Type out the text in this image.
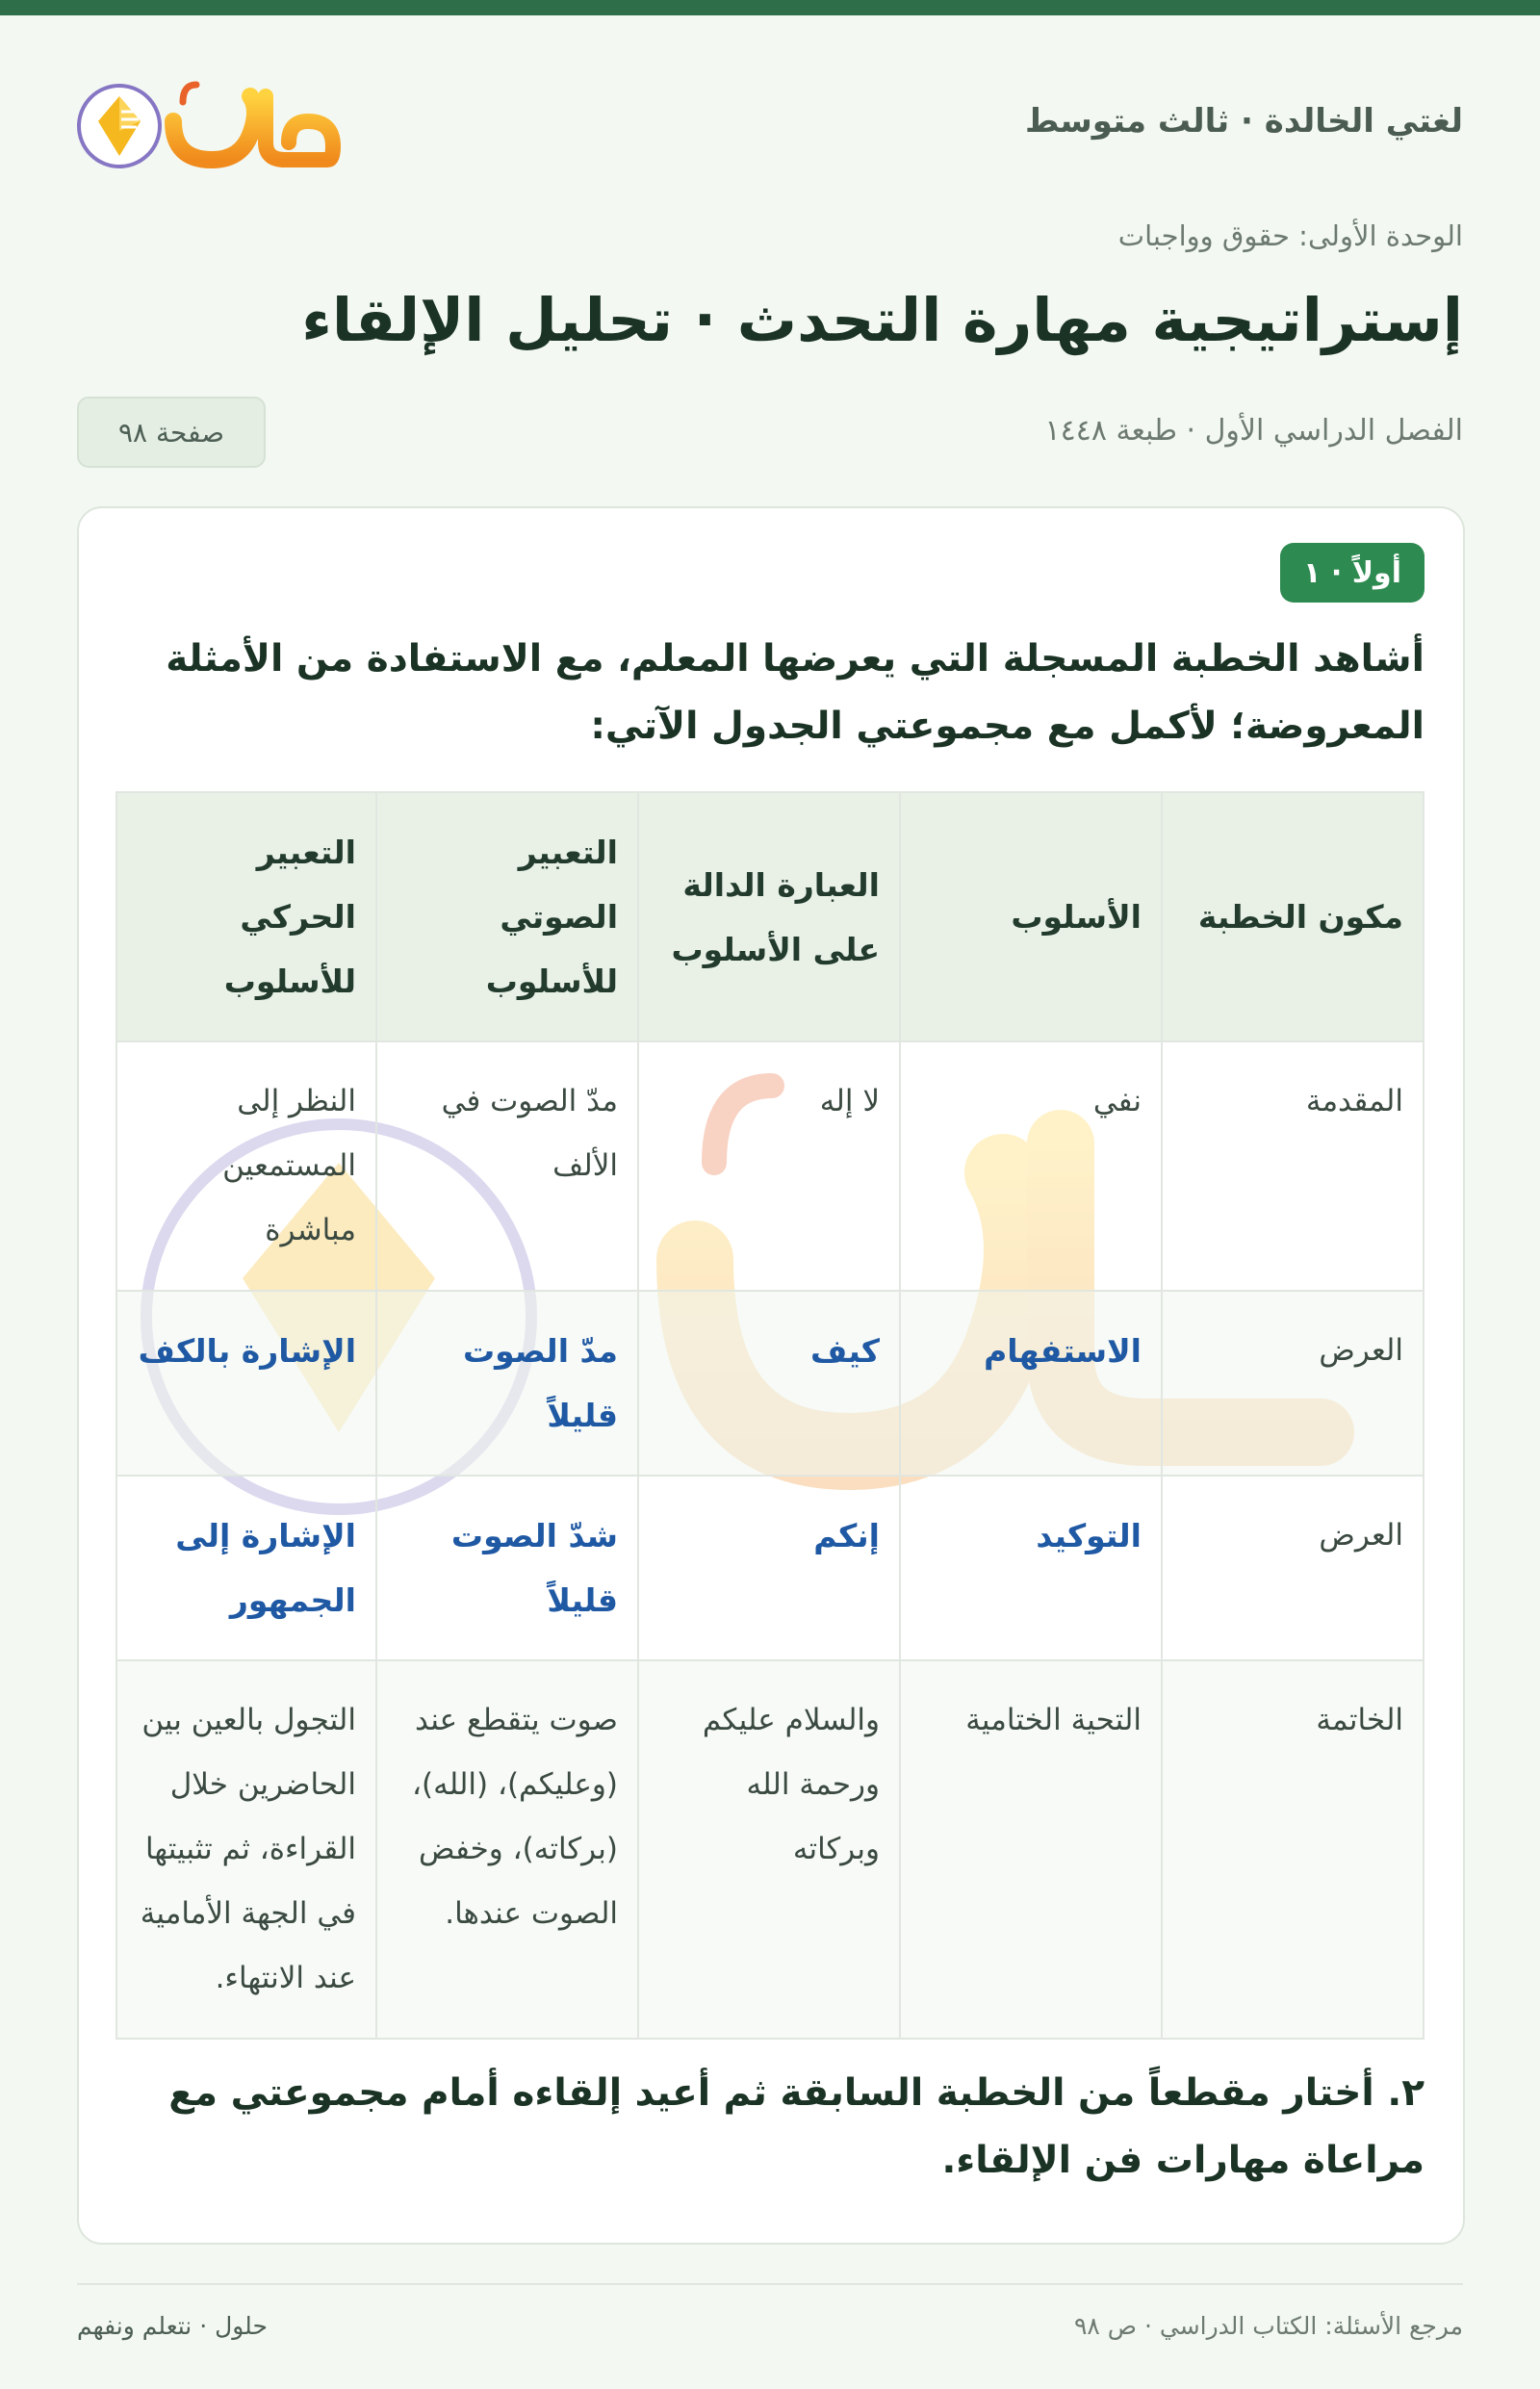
لغتي الخالدة · ثالث متوسط
الوحدة الأولى: حقوق وواجبات
إستراتيجية مهارة التحدث · تحليل الإلقاء
الفصل الدراسي الأول · طبعة ١٤٤٨
صفحة ٩٨
أولاً · ١
أشاهد الخطبة المسجلة التي يعرضها المعلم، مع الاستفادة من الأمثلة المعروضة؛ لأكمل مع مجموعتي الجدول الآتي:
مكون الخطبة	الأسلوب	العبارة الدالة على الأسلوب	التعبير الصوتي للأسلوب	التعبير الحركي للأسلوب
المقدمة	نفي	لا إله	مدّ الصوت في الألف	النظر إلى المستمعين مباشرة
العرض	الاستفهام	كيف	مدّ الصوت قليلاً	الإشارة بالكف
العرض	التوكيد	إنكم	شدّ الصوت قليلاً	الإشارة إلى الجمهور
الخاتمة	التحية الختامية	والسلام عليكم ورحمة الله وبركاته	صوت يتقطع عند (وعليكم)، (الله)، (بركاته)، وخفض الصوت عندها.	التجول بالعين بين الحاضرين خلال القراءة، ثم تثبيتها في الجهة الأمامية عند الانتهاء.
٢. أختار مقطعاً من الخطبة السابقة ثم أعيد إلقاءه أمام مجموعتي مع مراعاة مهارات فن الإلقاء.
مرجع الأسئلة: الكتاب الدراسي · ص ٩٨
حلول · نتعلم ونفهم
